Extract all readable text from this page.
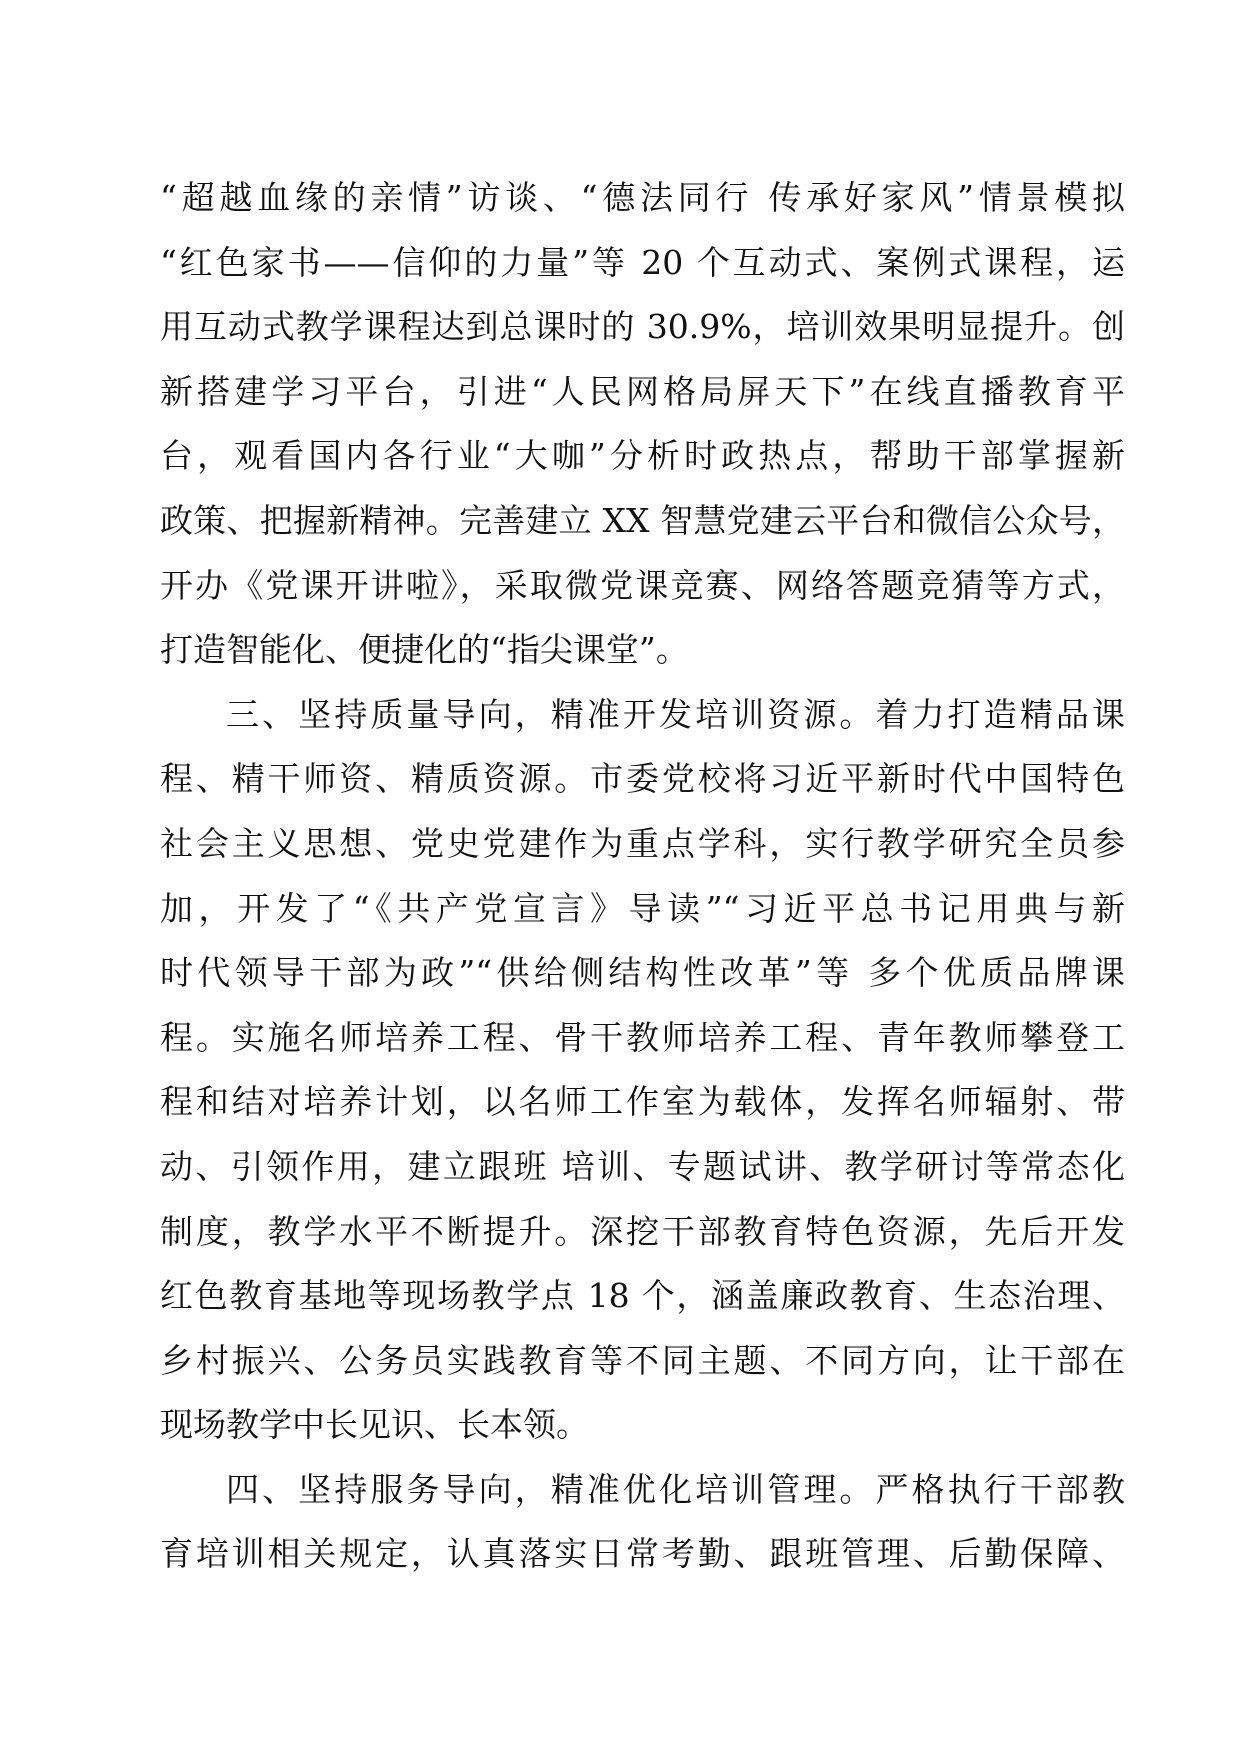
“超越血缘的亲情”访谈、“德法同行 传承好家风”情景模拟
“红色家书——信仰的力量”等 20 个互动式、案例式课程，运
用互动式教学课程达到总课时的 30.9%，培训效果明显提升。创
新搭建学习平台，引进“人民网格局屏天下”在线直播教育平
台，观看国内各行业“大咖”分析时政热点，帮助干部掌握新
政策、把握新精神。完善建立 XX 智慧党建云平台和微信公众号，
开办《党课开讲啦》，采取微党课竞赛、网络答题竞猜等方式，
打造智能化、便捷化的“指尖课堂”。
三、坚持质量导向，精准开发培训资源。着力打造精品课
程、精干师资、精质资源。市委党校将习近平新时代中国特色
社会主义思想、党史党建作为重点学科，实行教学研究全员参
加，开发了“《共产党宣言》导读”“习近平总书记用典与新
时代领导干部为政”“供给侧结构性改革”等 多个优质品牌课
程。实施名师培养工程、骨干教师培养工程、青年教师攀登工
程和结对培养计划，以名师工作室为载体，发挥名师辐射、带
动、引领作用，建立跟班 培训、专题试讲、教学研讨等常态化
制度，教学水平不断提升。深挖干部教育特色资源，先后开发
红色教育基地等现场教学点 18 个，涵盖廉政教育、生态治理、
乡村振兴、公务员实践教育等不同主题、不同方向，让干部在
现场教学中长见识、长本领。
四、坚持服务导向，精准优化培训管理。严格执行干部教
育培训相关规定，认真落实日常考勤、跟班管理、后勤保障、
